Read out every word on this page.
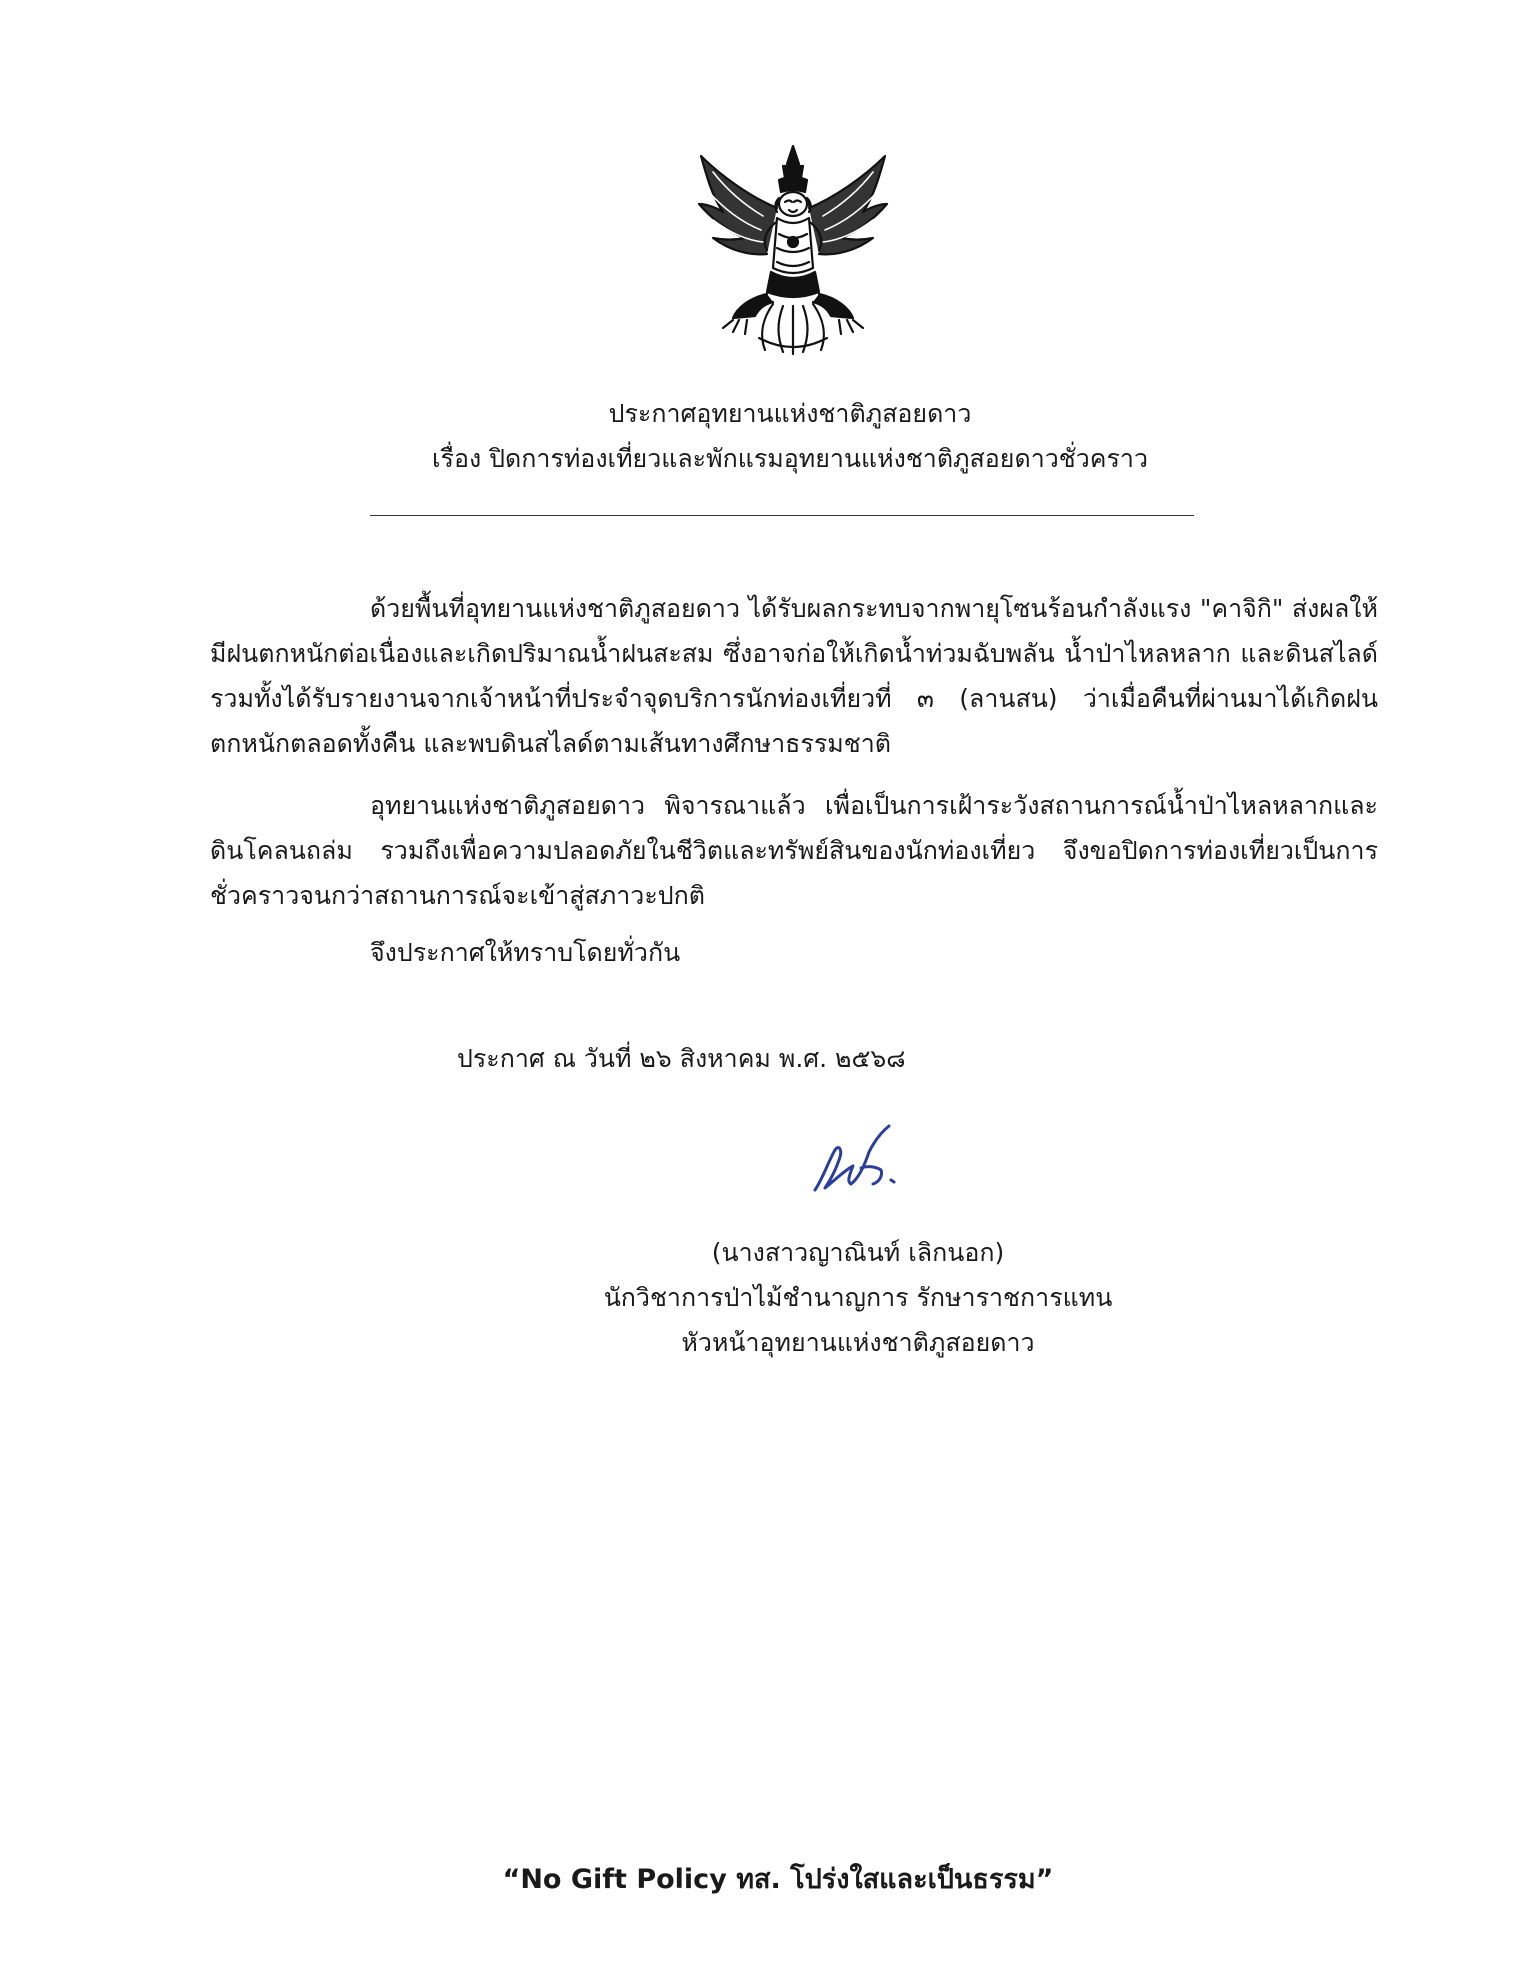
ประกาศอุทยานแห่งชาติภูสอยดาว
เรื่อง ปิดการท่องเที่ยวและพักแรมอุทยานแห่งชาติภูสอยดาวชั่วคราว

ด้วยพื้นที่อุทยานแห่งชาติภูสอยดาว ได้รับผลกระทบจากพายุโซนร้อนกำลังแรง "คาจิกิ" ส่งผลให้มีฝนตกหนักต่อเนื่องและเกิดปริมาณน้ำฝนสะสม ซึ่งอาจก่อให้เกิดน้ำท่วมฉับพลัน น้ำป่าไหลหลาก และดินสไลด์ รวมทั้งได้รับรายงานจากเจ้าหน้าที่ประจำจุดบริการนักท่องเที่ยวที่ ๓ (ลานสน) ว่าเมื่อคืนที่ผ่านมาได้เกิดฝนตกหนักตลอดทั้งคืน และพบดินสไลด์ตามเส้นทางศึกษาธรรมชาติ

อุทยานแห่งชาติภูสอยดาว พิจารณาแล้ว เพื่อเป็นการเฝ้าระวังสถานการณ์น้ำป่าไหลหลากและดินโคลนถล่ม รวมถึงเพื่อความปลอดภัยในชีวิตและทรัพย์สินของนักท่องเที่ยว จึงขอปิดการท่องเที่ยวเป็นการชั่วคราวจนกว่าสถานการณ์จะเข้าสู่สภาวะปกติ

จึงประกาศให้ทราบโดยทั่วกัน
ประกาศ ณ วันที่ ๒๖ สิงหาคม พ.ศ. ๒๕๖๘
(นางสาวญาณินท์ เลิกนอก)
นักวิชาการป่าไม้ชำนาญการ รักษาราชการแทน
หัวหน้าอุทยานแห่งชาติภูสอยดาว
“No Gift Policy ทส. โปร่งใสและเป็นธรรม”
